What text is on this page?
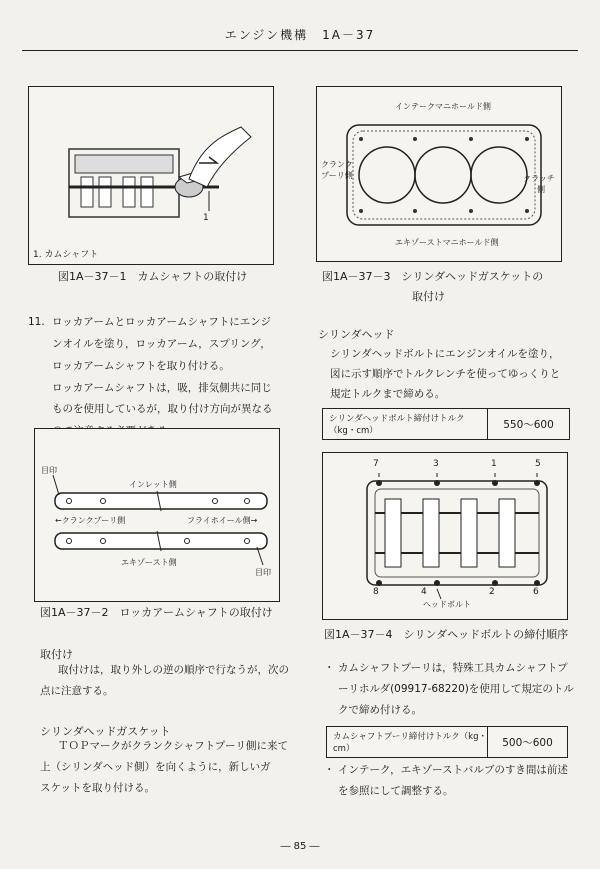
エンジン機構　1A－37
1
1. カムシャフト
図1A－37－1　カムシャフトの取付け
インテークマニホールド側
クランク
プーリ側	クラッチ
側
エキゾーストマニホールド側
図1A－37－3　シリンダヘッドガスケットの
取付け
11. ロッカアームとロッカアームシャフトにエンジ
ンオイルを塗り，ロッカアーム，スプリング，
ロッカアームシャフトを取り付ける。
ロッカアームシャフトは，吸，排気側共に同じ
ものを使用しているが，取り付け方向が異なる
シリンダヘッド
シリンダヘッドボルトにエンジンオイルを塗り，
図に示す順序でトルクレンチを使ってゆっくりと
規定トルクまで締める。
シリンダヘッドボルト締付けトルク（kg・cm）
550～600
目印
インレット側
←クランクプーリ側	フライホイール側→
エキゾースト側
目印
図1A－37－2　ロッカアームシャフトの取付け
7	3	1	5
8	4	2	6
ヘッドボルト
図1A－37－4　シリンダヘッドボルトの締付順序
取付け
取付けは，取り外しの逆の順序で行なうが，次の
点に注意する。
シリンダヘッドガスケット
ＴＯＰマークがクランクシャフトプーリ側に来て
上（シリンダヘッド側）を向くように，新しいガ
スケットを取り付ける。
・ カムシャフトプーリは，特殊工具カムシャフトプ
ーリホルダ(09917-68220)を使用して規定のトル
クで締め付ける。
カムシャフトプーリ締付けトルク（kg・cm）
500～600
・ インテーク，エキゾーストバルブのすき間は前述
を参照にして調整する。
― 85 ―
